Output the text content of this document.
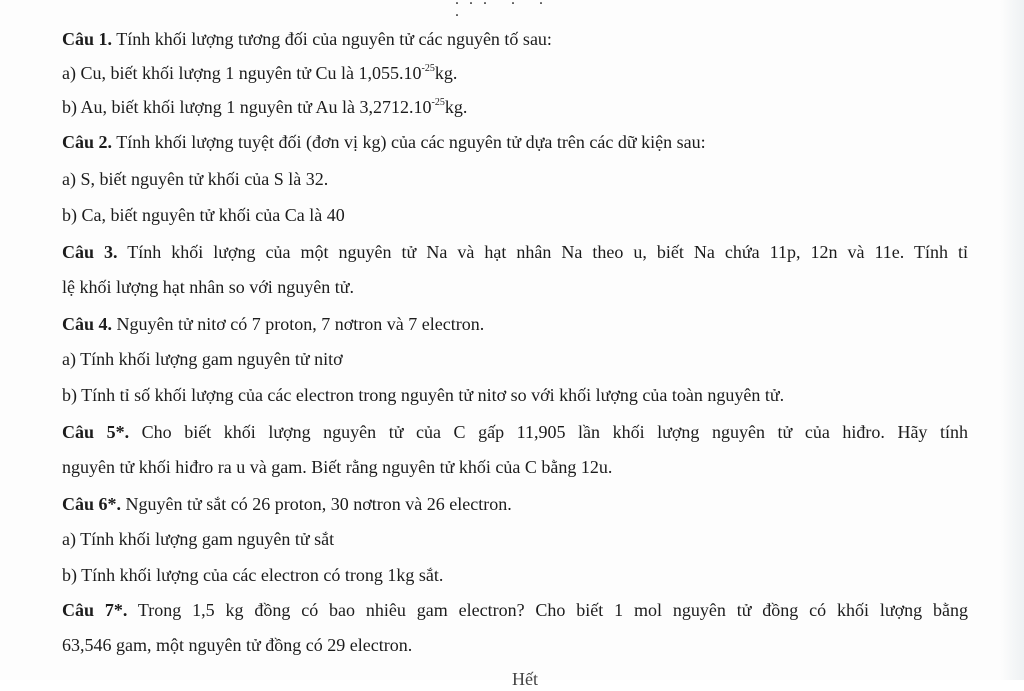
.
Câu 1. Tính khối lượng tương đối của nguyên tử các nguyên tố sau:
a) Cu, biết khối lượng 1 nguyên tử Cu là $1,055.10^{-25}kg$.
b) Au, biết khối lượng 1 nguyên tử Au là $3,2712.10^{-25}kg$.
Câu 2. Tính khối lượng tuyệt đối (đơn vị kg) của các nguyên tử dựa trên các dữ kiện sau:
a) S, biết nguyên tử khối của S là 32.
b) Ca, biết nguyên tử khối của Ca là 40
Câu 3. Tính khối lượng của một nguyên tử Na và hạt nhân Na theo u, biết Na chứa 11p, 12n và 11e. Tính tỉ
lệ khối lượng hạt nhân so với nguyên tử.
Câu 4. Nguyên tử nitơ có 7 proton, 7 nơtron và 7 electron.
a) Tính khối lượng gam nguyên tử nitơ
b) Tính tỉ số khối lượng của các electron trong nguyên tử nitơ so với khối lượng của toàn nguyên tử.
Câu 5*. Cho biết khối lượng nguyên tử của C gấp 11,905 lần khối lượng nguyên tử của hiđro. Hãy tính
nguyên tử khối hiđro ra u và gam. Biết rằng nguyên tử khối của C bằng 12u.
Câu 6*. Nguyên tử sắt có 26 proton, 30 nơtron và 26 electron.
a) Tính khối lượng gam nguyên tử sắt
b) Tính khối lượng của các electron có trong 1kg sắt.
Câu 7*. Trong 1,5 kg đồng có bao nhiêu gam electron? Cho biết 1 mol nguyên tử đồng có khối lượng bằng
63,546 gam, một nguyên tử đồng có 29 electron.
Hết
